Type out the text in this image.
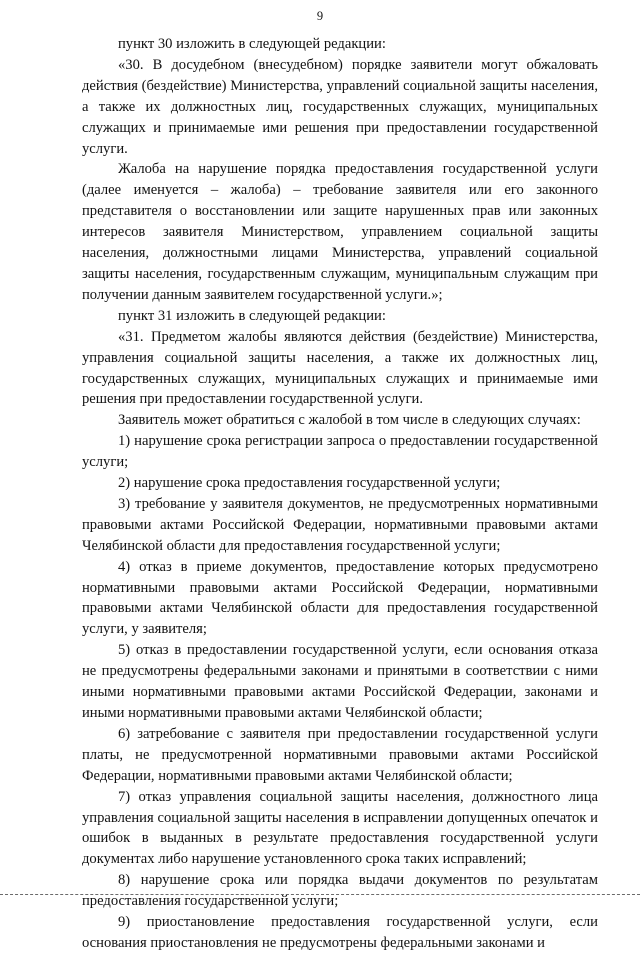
9

пункт 30 изложить в следующей редакции:

«30. В досудебном (внесудебном) порядке заявители могут обжаловать действия (бездействие) Министерства, управлений социальной защиты населения, а также их должностных лиц, государственных служащих, муниципальных служащих и принимаемые ими решения при предоставлении государственной услуги.

Жалоба на нарушение порядка предоставления государственной услуги (далее именуется – жалоба) – требование заявителя или его законного представителя о восстановлении или защите нарушенных прав или законных интересов заявителя Министерством, управлением социальной защиты населения, должностными лицами Министерства, управлений социальной защиты населения, государственным служащим, муниципальным служащим при получении данным заявителем государственной услуги.»;

пункт 31 изложить в следующей редакции:

«31. Предметом жалобы являются действия (бездействие) Министерства, управления социальной защиты населения, а также их должностных лиц, государственных служащих, муниципальных служащих и принимаемые ими решения при предоставлении государственной услуги.

Заявитель может обратиться с жалобой в том числе в следующих случаях:

1) нарушение срока регистрации запроса о предоставлении государственной услуги;

2) нарушение срока предоставления государственной услуги;

3) требование у заявителя документов, не предусмотренных нормативными правовыми актами Российской Федерации, нормативными правовыми актами Челябинской области для предоставления государственной услуги;

4) отказ в приеме документов, предоставление которых предусмотрено нормативными правовыми актами Российской Федерации, нормативными правовыми актами Челябинской области для предоставления государственной услуги, у заявителя;

5) отказ в предоставлении государственной услуги, если основания отказа не предусмотрены федеральными законами и принятыми в соответствии с ними иными нормативными правовыми актами Российской Федерации, законами и иными нормативными правовыми актами Челябинской области;

6) затребование с заявителя при предоставлении государственной услуги платы, не предусмотренной нормативными правовыми актами Российской Федерации, нормативными правовыми актами Челябинской области;

7) отказ управления социальной защиты населения, должностного лица управления социальной защиты населения в исправлении допущенных опечаток и ошибок в выданных в результате предоставления государственной услуги документах либо нарушение установленного срока таких исправлений;

8) нарушение срока или порядка выдачи документов по результатам предоставления государственной услуги;

9) приостановление предоставления государственной услуги, если основания приостановления не предусмотрены федеральными законами и
